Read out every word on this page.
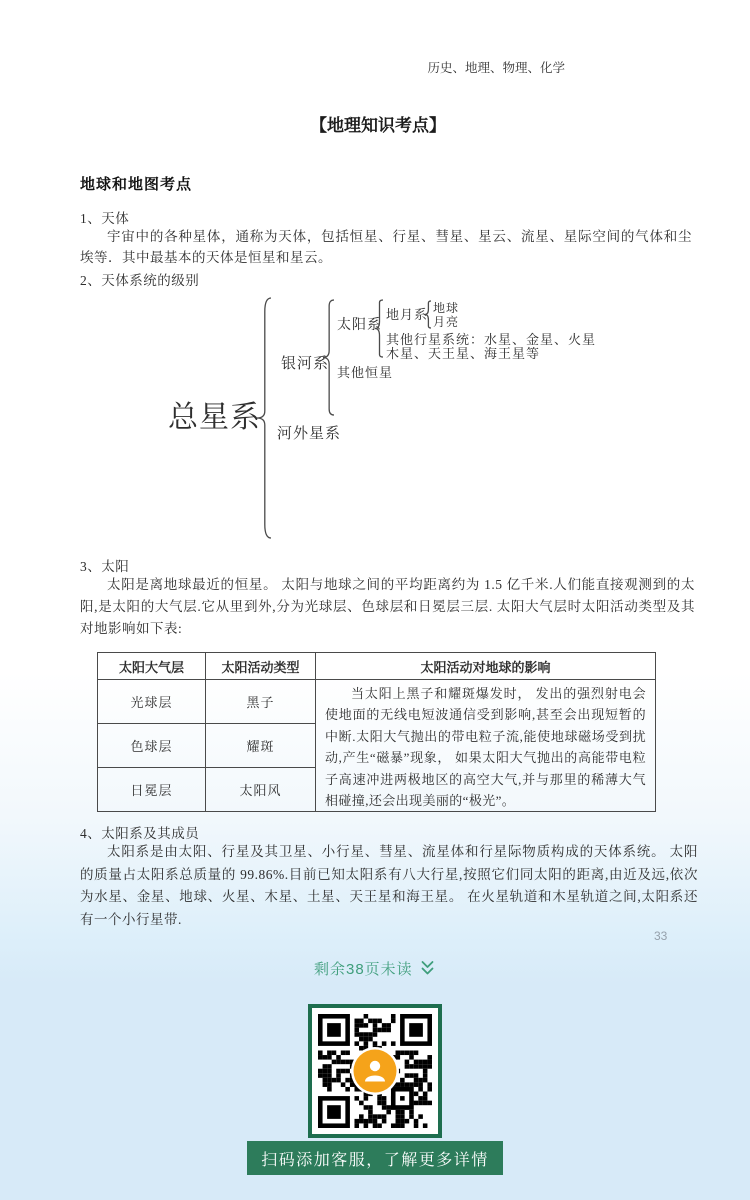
历史、地理、物理、化学
【地理知识考点】
地球和地图考点
1、天体
宇宙中的各种星体，通称为天体，包括恒星、行星、彗星、星云、流星、星际空间的气体和尘埃等．其中最基本的天体是恒星和星云。
2、天体系统的级别
总星系
银河系
太阳系
地月系 地球
月亮
其他行星系统：水星、金星、火星
木星、天王星、海王星等
其他恒星
河外星系
3、太阳
太阳是离地球最近的恒星。 太阳与地球之间的平均距离约为 1.5 亿千米.人们能直接观测到的太阳,是太阳的大气层.它从里到外,分为光球层、色球层和日冕层三层. 太阳大气层时太阳活动类型及其对地影响如下表:
太阳大气层	太阳活动类型	太阳活动对地球的影响
光球层	黑子	当太阳上黑子和耀斑爆发时， 发出的强烈射电会使地面的无线电短波通信受到影响,甚至会出现短暂的中断.太阳大气抛出的带电粒子流,能使地球磁场受到扰动,产生“磁暴”现象， 如果太阳大气抛出的高能带电粒子高速冲进两极地区的高空大气,并与那里的稀薄大气相碰撞,还会出现美丽的“极光”。
色球层	耀斑	
日冕层	太阳风	
4、太阳系及其成员
太阳系是由太阳、行星及其卫星、小行星、彗星、流星体和行星际物质构成的天体系统。 太阳的质量占太阳系总质量的 99.86%.目前已知太阳系有八大行星,按照它们同太阳的距离,由近及远,依次为水星、金星、地球、火星、木星、土星、天王星和海王星。 在火星轨道和木星轨道之间,太阳系还有一个小行星带.
33
剩余38页未读
扫码添加客服，了解更多详情
